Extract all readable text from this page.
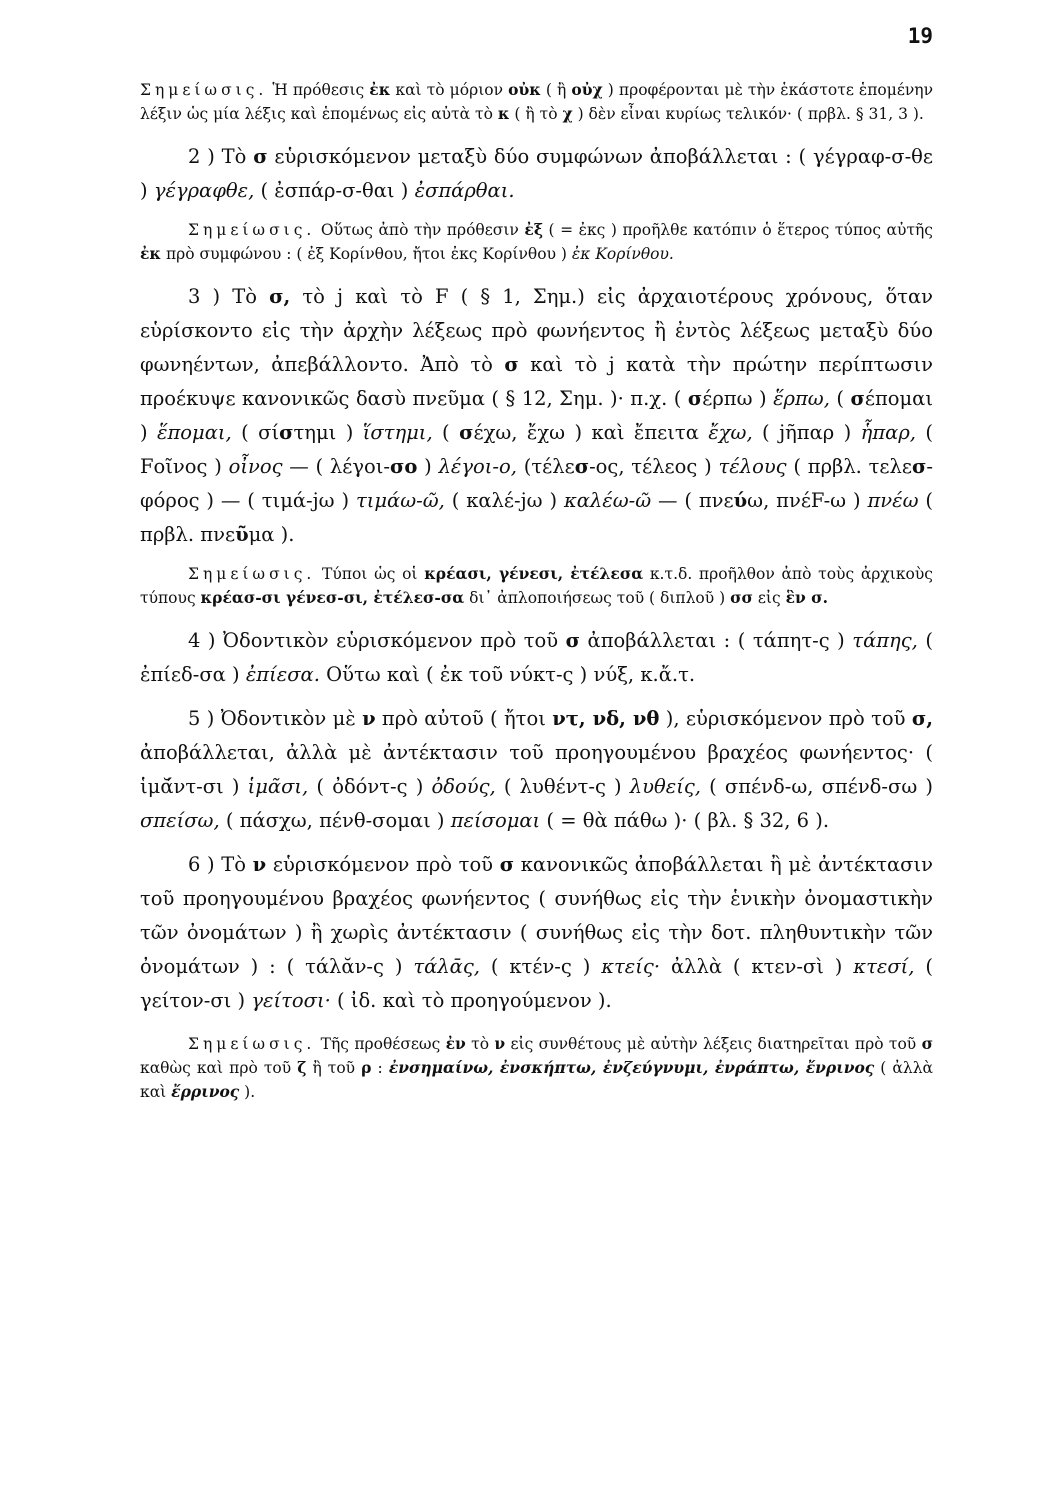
19

Σημείωσις. Ἡ πρόθεσις ἐκ καὶ τὸ μόριον οὐκ ( ἢ οὐχ ) προφέρονται μὲ τὴν ἑκάστοτε ἑπομένην λέξιν ὡς μία λέξις καὶ ἑπομένως εἰς αὐτὰ τὸ κ ( ἢ τὸ χ ) δὲν εἶναι κυρίως τελικόν· ( πρβλ. § 31, 3 ).

2 ) Τὸ σ εὑρισκόμενον μεταξὺ δύο συμφώνων ἀποβάλλεται : ( γέγραφ-σ-θε ) γέγραφθε, ( ἐσπάρ-σ-θαι ) ἐσπάρθαι.

Σημείωσις. Οὕτως ἀπὸ τὴν πρόθεσιν ἐξ ( = ἐκς ) προῆλθε κατόπιν ὁ ἕτερος τύπος αὐτῆς ἐκ πρὸ συμφώνου : ( ἐξ Κορίνθου, ἤτοι ἐκς Κορίνθου ) ἐκ Κορίνθου.

3 ) Τὸ σ, τὸ j καὶ τὸ F ( § 1, Σημ.) εἰς ἀρχαιοτέρους χρόνους, ὅταν εὑρίσκοντο εἰς τὴν ἀρχὴν λέξεως πρὸ φωνήεντος ἢ ἐντὸς λέξεως μεταξὺ δύο φωνηέντων, ἀπεβάλλοντο. Ἀπὸ τὸ σ καὶ τὸ j κατὰ τὴν πρώτην περίπτωσιν προέκυψε κανονικῶς δασὺ πνεῦμα ( § 12, Σημ. )· π.χ. ( σέρπω ) ἕρπω, ( σέπομαι ) ἕπομαι, ( σίστημι ) ἵστημι, ( σέχω, ἔχω ) καὶ ἔπειτα ἔχω, ( jῆπαρ ) ἧπαρ, ( Fοῖνος ) οἶνος — ( λέγοι-σο ) λέγοι-ο, (τέλεσ-ος, τέλεος ) τέλους ( πρβλ. τελεσ-φόρος ) — ( τιμά-jω ) τιμάω-ῶ, ( καλέ-jω ) καλέω-ῶ — ( πνεύω, πνέF-ω ) πνέω ( πρβλ. πνεῦμα ).

Σημείωσις. Τύποι ὡς οἱ κρέασι, γένεσι, ἐτέλεσα κ.τ.δ. προῆλθον ἀπὸ τοὺς ἀρχικοὺς τύπους κρέασ-σι γένεσ-σι, ἐτέλεσ-σα δι᾽ ἀπλοποιήσεως τοῦ ( διπλοῦ ) σσ εἰς ἓν σ.

4 ) Ὀδοντικὸν εὑρισκόμενον πρὸ τοῦ σ ἀποβάλλεται : ( τάπητ-ς ) τάπης, ( ἐπίεδ-σα ) ἐπίεσα. Οὕτω καὶ ( ἐκ τοῦ νύκτ-ς ) νύξ, κ.ἄ.τ.

5 ) Ὀδοντικὸν μὲ ν πρὸ αὐτοῦ ( ἤτοι ντ, νδ, νθ ), εὑρισκόμενον πρὸ τοῦ σ, ἀποβάλλεται, ἀλλὰ μὲ ἀντέκτασιν τοῦ προηγουμένου βραχέος φωνήεντος· ( ἱμᾰ́ντ-σι ) ἱμᾶσι, ( ὀδόντ-ς ) ὀδούς, ( λυθέντ-ς ) λυθείς, ( σπένδ-ω, σπένδ-σω ) σπείσω, ( πάσχω, πένθ-σομαι ) πείσομαι ( = θὰ πάθω )· ( βλ. § 32, 6 ).

6 ) Τὸ ν εὑρισκόμενον πρὸ τοῦ σ κανονικῶς ἀποβάλλεται ἢ μὲ ἀντέκτασιν τοῦ προηγουμένου βραχέος φωνήεντος ( συνήθως εἰς τὴν ἑνικὴν ὀνομαστικὴν τῶν ὀνομάτων ) ἢ χωρὶς ἀντέκτασιν ( συνήθως εἰς τὴν δοτ. πληθυντικὴν τῶν ὀνομάτων ) : ( τάλᾰν-ς ) τάλᾱς, ( κτέν-ς ) κτείς· ἀλλὰ ( κτεν-σὶ ) κτεσί, ( γείτον-σι ) γείτοσι· ( ἰδ. καὶ τὸ προηγούμενον ).

Σημείωσις. Τῆς προθέσεως ἐν τὸ ν εἰς συνθέτους μὲ αὐτὴν λέξεις διατηρεῖται πρὸ τοῦ σ καθὼς καὶ πρὸ τοῦ ζ ἢ τοῦ ρ : ἐνσημαίνω, ἐνσκήπτω, ἐνζεύγνυμι, ἐνράπτω, ἔνρινος ( ἀλλὰ καὶ ἔρρινος ).
